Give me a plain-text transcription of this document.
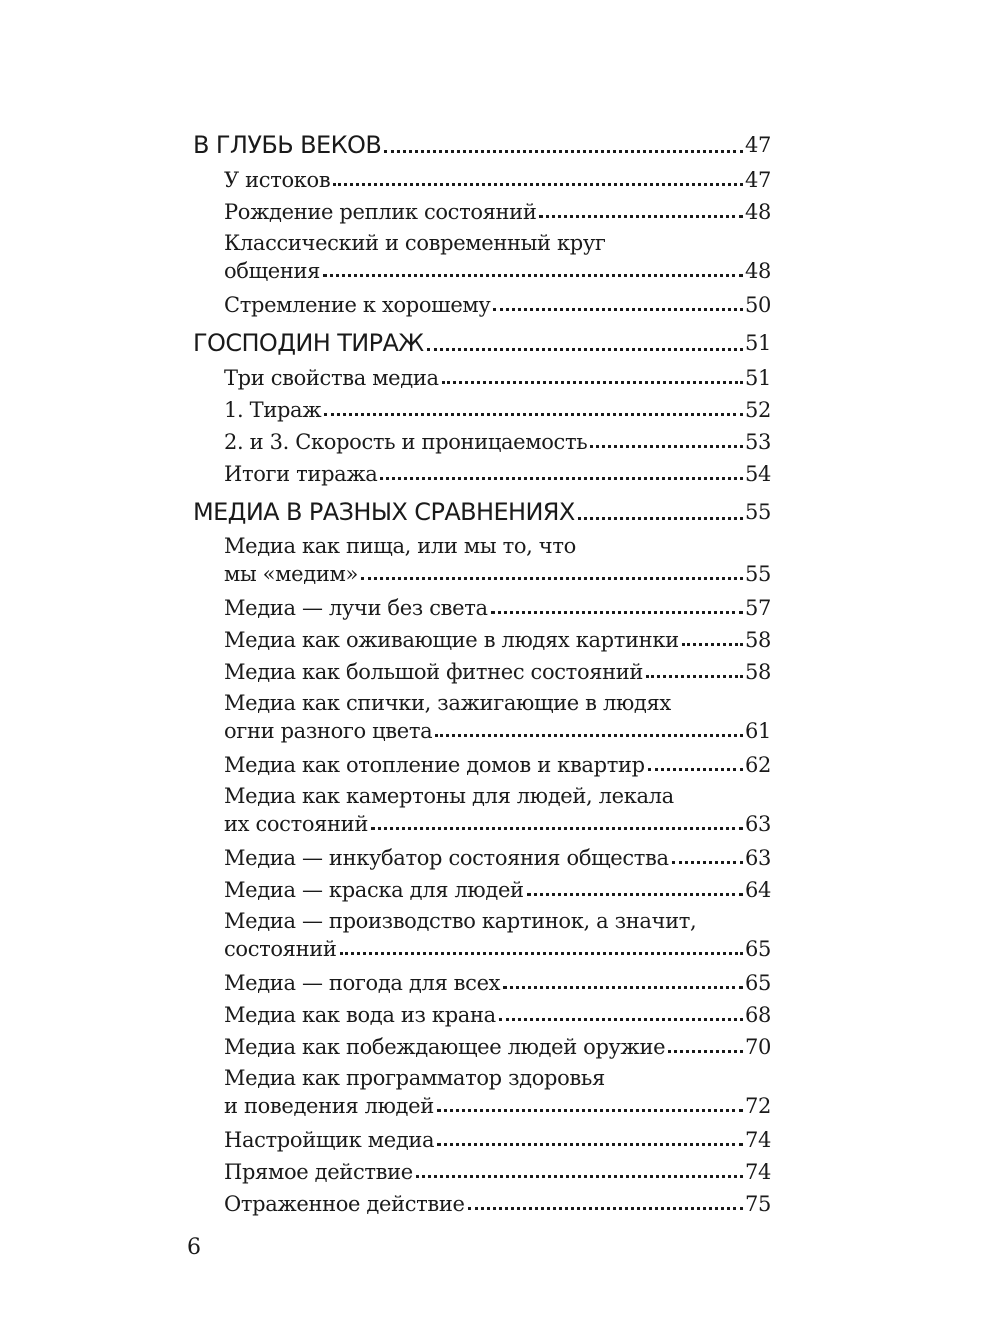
В ГЛУБЬ ВЕКОВ	47
У истоков	47
Рождение реплик состояний	48
Классический и современный круг
общения	48
Стремление к хорошему	50
ГОСПОДИН ТИРАЖ	51
Три свойства медиа	51
1. Тираж	52
2. и 3. Скорость и проницаемость	53
Итоги тиража	54
МЕДИА В РАЗНЫХ СРАВНЕНИЯХ	55
Медиа как пища, или мы то, что
мы «медим»	55
Медиа — лучи без света	57
Медиа как оживающие в людях картинки	58
Медиа как большой фитнес состояний	58
Медиа как спички, зажигающие в людях
огни разного цвета	61
Медиа как отопление домов и квартир	62
Медиа как камертоны для людей, лекала
их состояний	63
Медиа — инкубатор состояния общества	63
Медиа — краска для людей	64
Медиа — производство картинок, а значит,
состояний	65
Медиа — погода для всех	65
Медиа как вода из крана	68
Медиа как побеждающее людей оружие	70
Медиа как программатор здоровья
и поведения людей	72
Настройщик медиа	74
Прямое действие	74
Отраженное действие	75
6
